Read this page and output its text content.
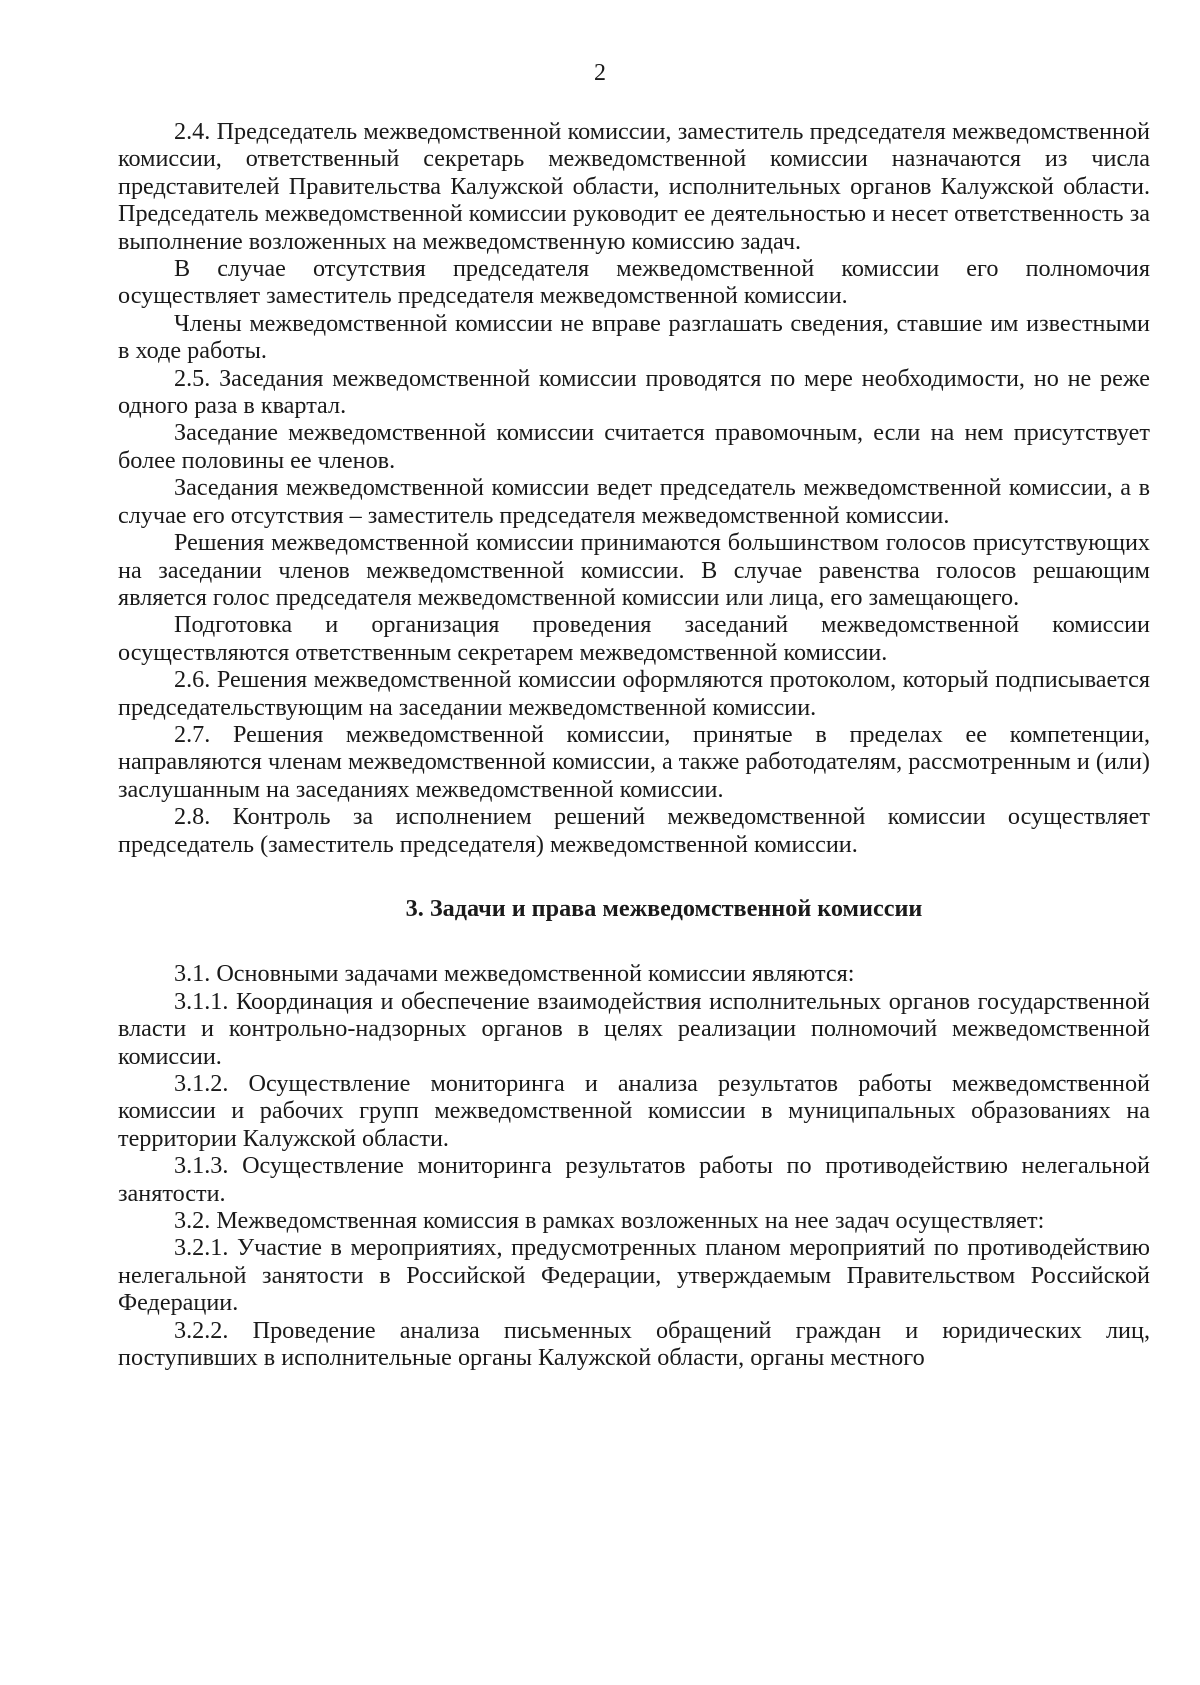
2

2.4. Председатель межведомственной комиссии, заместитель председателя межведомственной комиссии, ответственный секретарь межведомственной комиссии назначаются из числа представителей Правительства Калужской области, исполнительных органов Калужской области. Председатель межведомственной комиссии руководит ее деятельностью и несет ответственность за выполнение возложенных на межведомственную комиссию задач.

В случае отсутствия председателя межведомственной комиссии его полномочия осуществляет заместитель председателя межведомственной комиссии.

Члены межведомственной комиссии не вправе разглашать сведения, ставшие им известными в ходе работы.

2.5. Заседания межведомственной комиссии проводятся по мере необходимости, но не реже одного раза в квартал.

Заседание межведомственной комиссии считается правомочным, если на нем присутствует более половины ее членов.

Заседания межведомственной комиссии ведет председатель межведомственной комиссии, а в случае его отсутствия – заместитель председателя межведомственной комиссии.

Решения межведомственной комиссии принимаются большинством голосов присутствующих на заседании членов межведомственной комиссии. В случае равенства голосов решающим является голос председателя межведомственной комиссии или лица, его замещающего.

Подготовка и организация проведения заседаний межведомственной комиссии осуществляются ответственным секретарем межведомственной комиссии.

2.6. Решения межведомственной комиссии оформляются протоколом, который подписывается председательствующим на заседании межведомственной комиссии.

2.7. Решения межведомственной комиссии, принятые в пределах ее компетенции, направляются членам межведомственной комиссии, а также работодателям, рассмотренным и (или) заслушанным на заседаниях межведомственной комиссии.

2.8. Контроль за исполнением решений межведомственной комиссии осуществляет председатель (заместитель председателя) межведомственной комиссии.

3. Задачи и права межведомственной комиссии

3.1. Основными задачами межведомственной комиссии являются:

3.1.1. Координация и обеспечение взаимодействия исполнительных органов государственной власти и контрольно-надзорных органов в целях реализации полномочий межведомственной комиссии.

3.1.2. Осуществление мониторинга и анализа результатов работы межведомственной комиссии и рабочих групп межведомственной комиссии в муниципальных образованиях на территории Калужской области.

3.1.3. Осуществление мониторинга результатов работы по противодействию нелегальной занятости.

3.2. Межведомственная комиссия в рамках возложенных на нее задач осуществляет:

3.2.1. Участие в мероприятиях, предусмотренных планом мероприятий по противодействию нелегальной занятости в Российской Федерации, утверждаемым Правительством Российской Федерации.

3.2.2. Проведение анализа письменных обращений граждан и юридических лиц, поступивших в исполнительные органы Калужской области, органы местного
